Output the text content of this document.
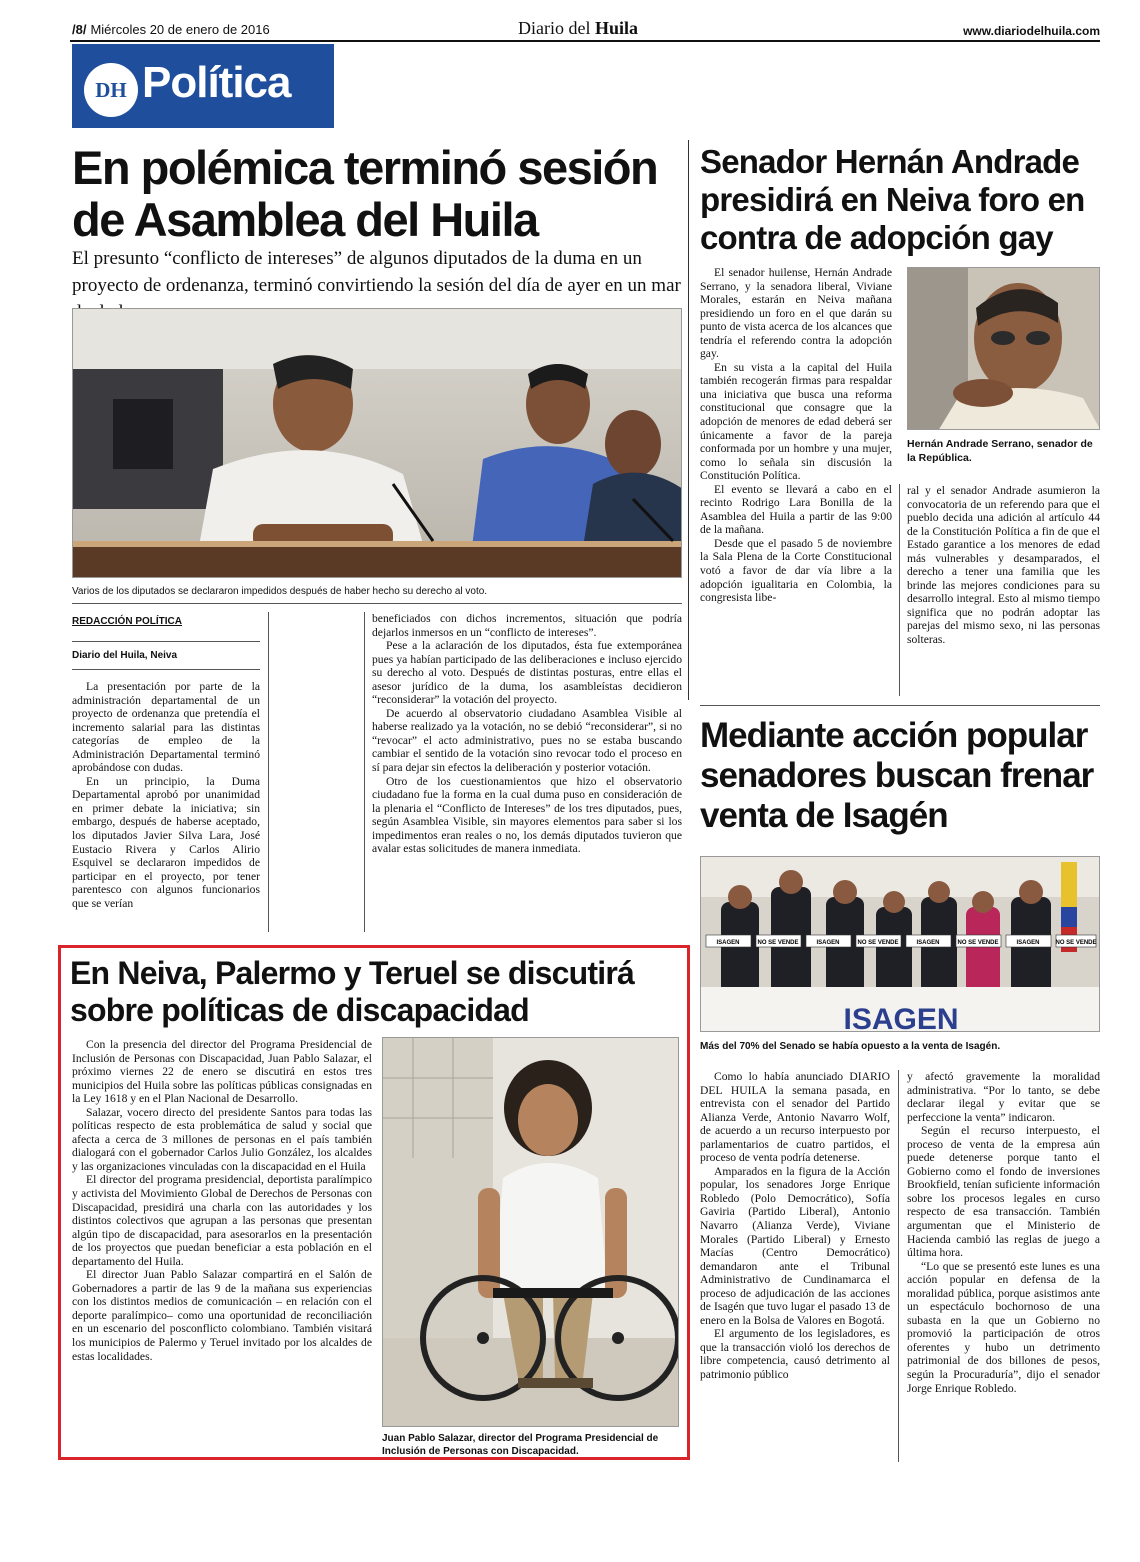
/8/ Miércoles 20 de enero de 2016	Diario del Huila	www.diariodelhuila.com
DH Política
En polémica terminó sesión de Asamblea del Huila
El presunto “conflicto de intereses” de algunos diputados de la duma en un proyecto de ordenanza, terminó convirtiendo la sesión del día de ayer en un mar
Varios de los diputados se declararon impedidos después de haber hecho su derecho al voto.
REDACCIÓN POLÍTICA
Diario del Huila, Neiva

La presentación por parte de la administración departamental de un proyecto de ordenanza que pretendía el incremento salarial para las distintas categorías de empleo de la Administración Departamental terminó aprobándose con dudas.

En un principio, la Duma Departamental aprobó por unanimidad en primer debate la iniciativa; sin embargo, después de haberse aceptado, los diputados Javier Silva Lara, José Eustacio Rivera y Carlos Alirio Esquivel se declararon impedidos de participar en el proyecto, por tener parentesco con algunos funcionarios que se verían

beneficiados con dichos incrementos, situación que podría dejarlos inmersos en un “conflicto de intereses”.

Pese a la aclaración de los diputados, ésta fue extemporánea pues ya habían participado de las deliberaciones e incluso ejercido su derecho al voto. Después de distintas posturas, entre ellas el asesor jurídico de la duma, los asambleístas decidieron “reconsiderar” la votación del proyecto.

De acuerdo al observatorio ciudadano Asamblea Visible al haberse realizado ya la votación, no se debió “reconsiderar”, si no “revocar” el acto administrativo, pues no se estaba buscando cambiar el sentido de la votación sino revocar todo el proceso en sí para dejar sin efectos la deliberación y posterior votación.

Otro de los cuestionamientos que hizo el observatorio ciudadano fue la forma en la cual duma puso en consideración de la plenaria el “Conflicto de Intereses” de los tres diputados, pues, según Asamblea Visible, sin mayores elementos para saber si los impedimentos eran reales o no, los demás diputados tuvieron que avalar estas solicitudes de manera inmediata.

Senador Hernán Andrade presidirá en Neiva foro en contra de adopción gay

El senador huilense, Hernán Andrade Serrano, y la senadora liberal, Viviane Morales, estarán en Neiva mañana presidiendo un foro en el que darán su punto de vista acerca de los alcances que tendría el referendo contra la adopción gay.

En su vista a la capital del Huila también recogerán firmas para respaldar una iniciativa que busca una reforma constitucional que consagre que la adopción de menores de edad deberá ser únicamente a favor de la pareja conformada por un hombre y una mujer, como lo señala sin discusión la Constitución Política.

El evento se llevará a cabo en el recinto Rodrigo Lara Bonilla de la Asamblea del Huila a partir de las 9:00 de la mañana.

Desde que el pasado 5 de noviembre la Sala Plena de la Corte Constitucional votó a favor de dar vía libre a la adopción igualitaria en Colombia, la congresista libe-

Hernán Andrade Serrano, senador de la República.

ral y el senador Andrade asumieron la convocatoria de un referendo para que el pueblo decida una adición al artículo 44 de la Constitución Política a fin de que el Estado garantice a los menores de edad más vulnerables y desamparados, el derecho a tener una familia que les brinde las mejores condiciones para su desarrollo integral. Esto al mismo tiempo significa que no podrán adoptar las parejas del mismo sexo, ni las personas solteras.

Mediante acción popular senadores buscan frenar venta de Isagén
ISAGEN	NO SE VENDE	ISAGEN	NO SE VENDE	ISAGEN	NO SE VENDE	ISAGEN	NO SE VENDE
ISAGEN
Más del 70% del Senado se había opuesto a la venta de Isagén.

Como lo había anunciado DIARIO DEL HUILA la semana pasada, en entrevista con el senador del Partido Alianza Verde, Antonio Navarro Wolf, de acuerdo a un recurso interpuesto por parlamentarios de cuatro partidos, el proceso de venta podría detenerse.

Amparados en la figura de la Acción popular, los senadores Jorge Enrique Robledo (Polo Democrático), Sofía Gaviria (Partido Liberal), Antonio Navarro (Alianza Verde), Viviane Morales (Partido Liberal) y Ernesto Macías (Centro Democrático) demandaron ante el Tribunal Administrativo de Cundinamarca el proceso de adjudicación de las acciones de Isagén que tuvo lugar el pasado 13 de enero en la Bolsa de Valores en Bogotá.

El argumento de los legisladores, es que la transacción violó los derechos de libre competencia, causó detrimento al patrimonio público

y afectó gravemente la moralidad administrativa. “Por lo tanto, se debe declarar ilegal y evitar que se perfeccione la venta” indicaron.

Según el recurso interpuesto, el proceso de venta de la empresa aún puede detenerse porque tanto el Gobierno como el fondo de inversiones Brookfield, tenían suficiente información sobre los procesos legales en curso respecto de esa transacción. También argumentan que el Ministerio de Hacienda cambió las reglas de juego a última hora.

“Lo que se presentó este lunes es una acción popular en defensa de la moralidad pública, porque asistimos ante un espectáculo bochornoso de una subasta en la que un Gobierno no promovió la participación de otros oferentes y hubo un detrimento patrimonial de dos billones de pesos, según la Procuraduría”, dijo el senador Jorge Enrique Robledo.

En Neiva, Palermo y Teruel se discutirá sobre políticas de discapacidad

Con la presencia del director del Programa Presidencial de Inclusión de Personas con Discapacidad, Juan Pablo Salazar, el próximo viernes 22 de enero se discutirá en estos tres municipios del Huila sobre las políticas públicas consignadas en la Ley 1618 y en el Plan Nacional de Desarrollo.

Salazar, vocero directo del presidente Santos para todas las políticas respecto de esta problemática de salud y social que afecta a cerca de 3 millones de personas en el país también dialogará con el gobernador Carlos Julio González, los alcaldes y las organizaciones vinculadas con la discapacidad en el Huila

El director del programa presidencial, deportista paralímpico y activista del Movimiento Global de Derechos de Personas con Discapacidad, presidirá una charla con las autoridades y los distintos colectivos que agrupan a las personas que presentan algún tipo de discapacidad, para asesorarlos en la presentación de los proyectos que puedan beneficiar a esta población en el departamento del Huila.

El director Juan Pablo Salazar compartirá en el Salón de Gobernadores a partir de las 9 de la mañana sus experiencias con los distintos medios de comunicación – en relación con el deporte paralímpico– como una oportunidad de reconciliación en un escenario del posconflicto colombiano. También visitará los municipios de Palermo y Teruel invitado por los alcaldes de estas localidades.

Juan Pablo Salazar, director del Programa Presidencial de Inclusión de Personas con Discapacidad.
